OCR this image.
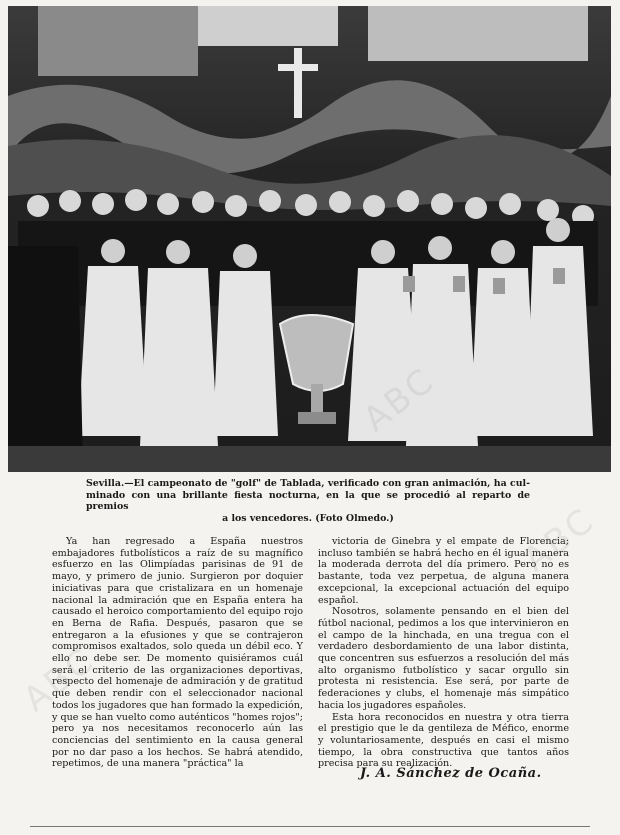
Sevilla.—El campeonato de "golf" de Tablada, verificado con gran animación, ha cul- minado con una brillante fiesta nocturna, en la que se procedió al reparto de premios
a los vencedores. (Foto Olmedo.)

Ya han regresado a España nuestros embajadores futbolísticos a raíz de su magnífico esfuerzo en las Olimpíadas parisinas de 91 de mayo, y primero de junio. Surgieron por doquier iniciativas para que cristalizara en un homenaje nacional la admiración que en España entera ha causado el heroico comportamiento del equipo rojo en Berna de Rafia. Después, pasaron que se entregaron a la efusiones y que se contrajeron compromisos exaltados, solo queda un débil eco. Y ello no debe ser. De momento quisiéramos cuál será el criterio de las organizaciones deportivas, respecto del homenaje de admiración y de gratitud que deben rendir con el seleccionador nacional todos los jugadores que han formado la expedición, y que se han vuelto como auténticos "homes rojos"; pero ya nos necesitamos reconocerlo aún las conciencias del sentimiento en la causa general por no dar paso a los hechos. Se habrá atendido, repetimos, de una manera "práctica" la

victoria de Ginebra y el empate de Florencia; incluso también se habrá hecho en él igual manera la moderada derrota del día primero. Pero no es bastante, toda vez perpetua, de alguna manera excepcional, la excepcional actuación del equipo español.

Nosotros, solamente pensando en el bien del fútbol nacional, pedimos a los que intervinieron en el campo de la hinchada, en una tregua con el verdadero desbordamiento de una labor distinta, que concentren sus esfuerzos a resolución del más alto organismo futbolístico y sacar orgullo sin protesta ni resistencia. Ese será, por parte de federaciones y clubs, el homenaje más simpático hacia los jugadores españoles.

Esta hora reconocidos en nuestra y otra tierra el prestigio que le da gentileza de Méfico, enorme y voluntariosamente, después en casi el mismo tiempo, la obra constructiva que tantos años precisa para su realización.

J. A. Sánchez de Ocaña.
ABC
ABC
